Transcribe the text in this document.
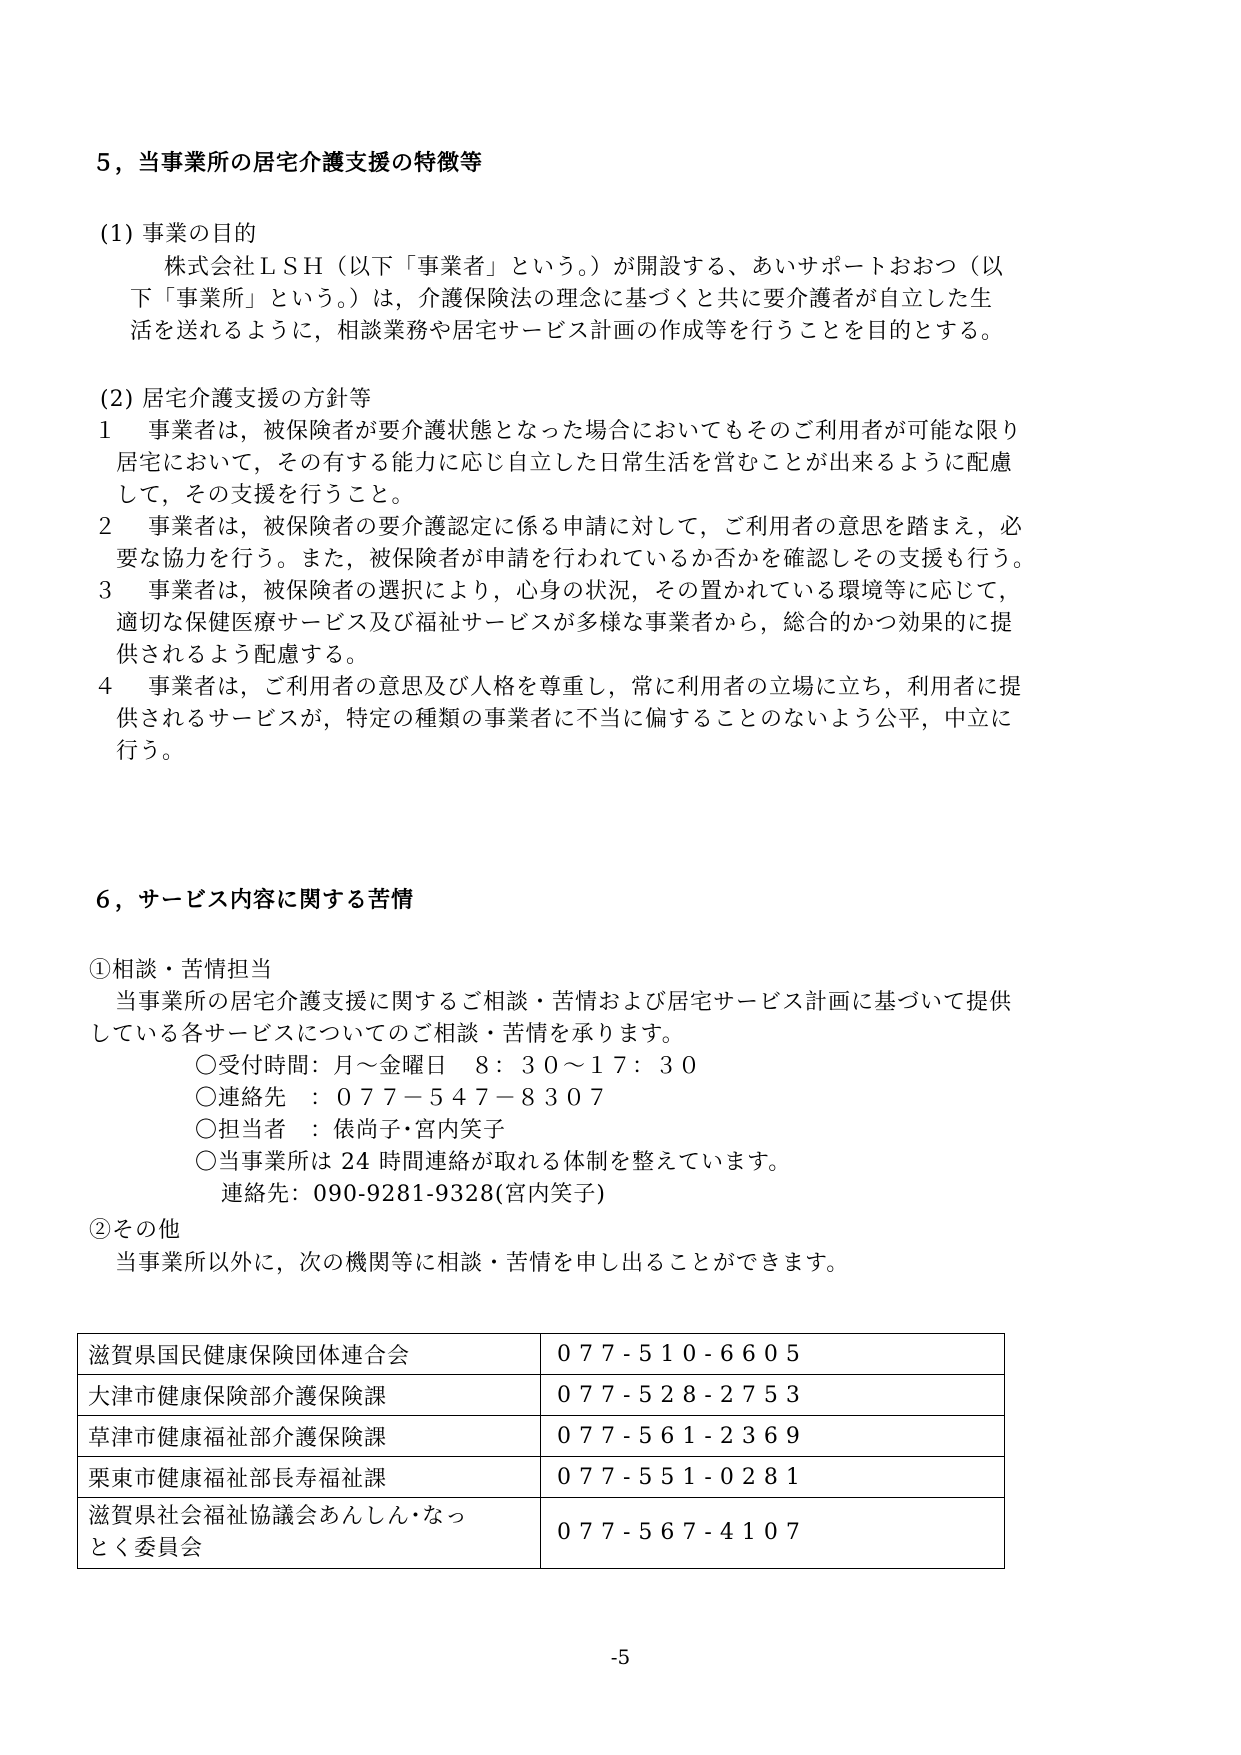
５，当事業所の居宅介護支援の特徴等
(1) 事業の目的
株式会社ＬＳＨ（以下「事業者」という。）が開設する、あいサポートおおつ（以
下「事業所」という。）は，介護保険法の理念に基づくと共に要介護者が自立した生
活を送れるように，相談業務や居宅サービス計画の作成等を行うことを目的とする。
(2) 居宅介護支援の方針等
１　 事業者は，被保険者が要介護状態となった場合においてもそのご利用者が可能な限り
居宅において，その有する能力に応じ自立した日常生活を営むことが出来るように配慮
して，その支援を行うこと。
２　 事業者は，被保険者の要介護認定に係る申請に対して，ご利用者の意思を踏まえ，必
要な協力を行う。また，被保険者が申請を行われているか否かを確認しその支援も行う。
３　 事業者は，被保険者の選択により，心身の状況，その置かれている環境等に応じて，
適切な保健医療サービス及び福祉サービスが多様な事業者から，総合的かつ効果的に提
供されるよう配慮する。
４　 事業者は，ご利用者の意思及び人格を尊重し，常に利用者の立場に立ち，利用者に提
供されるサービスが，特定の種類の事業者に不当に偏することのないよう公平，中立に
行う。
６，サービス内容に関する苦情
①相談・苦情担当
当事業所の居宅介護支援に関するご相談・苦情および居宅サービス計画に基づいて提供
している各サービスについてのご相談・苦情を承ります。
〇受付時間：月～金曜日　８：３０～１７：３０
〇連絡先　：０７７－５４７－８３０７
〇担当者　：俵尚子･宮内笑子
〇当事業所は 24 時間連絡が取れる体制を整えています。
連絡先：090-9281-9328(宮内笑子)
②その他
当事業所以外に，次の機関等に相談・苦情を申し出ることができます。
滋賀県国民健康保険団体連合会	077-510-6605
大津市健康保険部介護保険課	077-528-2753
草津市健康福祉部介護保険課	077-561-2369
栗東市健康福祉部長寿福祉課	077-551-0281

滋賀県社会福祉協議会あんしん･なっ
とく委員会	077-567-4107
-5
